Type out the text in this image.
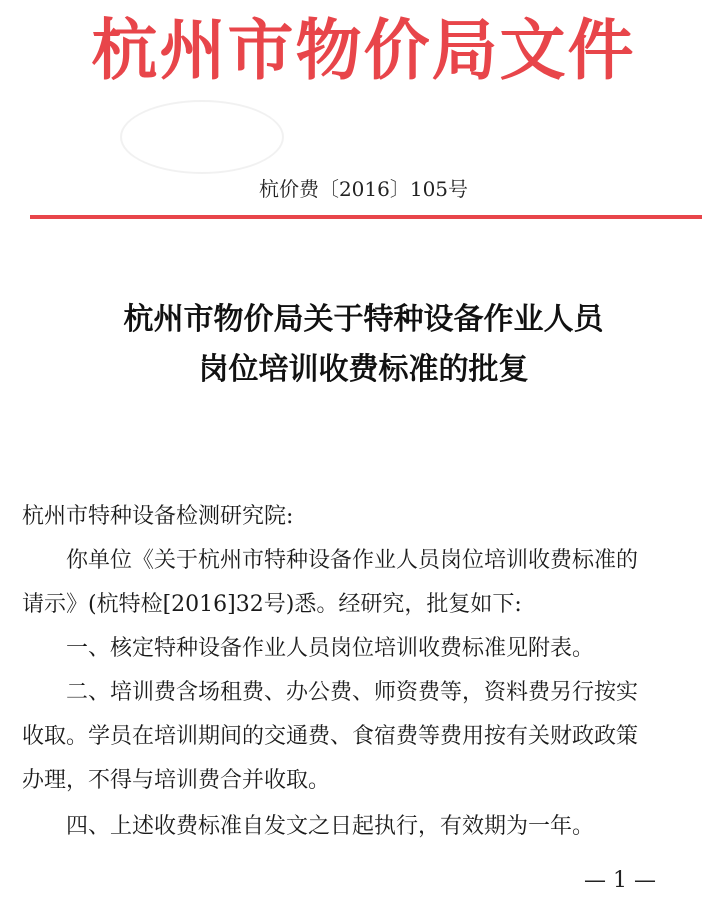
杭州市物价局文件
杭价费〔2016〕105号
杭州市物价局关于特种设备作业人员
岗位培训收费标准的批复
杭州市特种设备检测研究院:
你单位《关于杭州市特种设备作业人员岗位培训收费标准的
请示》(杭特检[2016]32号)悉。经研究，批复如下:
一、核定特种设备作业人员岗位培训收费标准见附表。
二、培训费含场租费、办公费、师资费等，资料费另行按实
收取。学员在培训期间的交通费、食宿费等费用按有关财政政策
办理，不得与培训费合并收取。
四、上述收费标准自发文之日起执行，有效期为一年。
— 1 —
